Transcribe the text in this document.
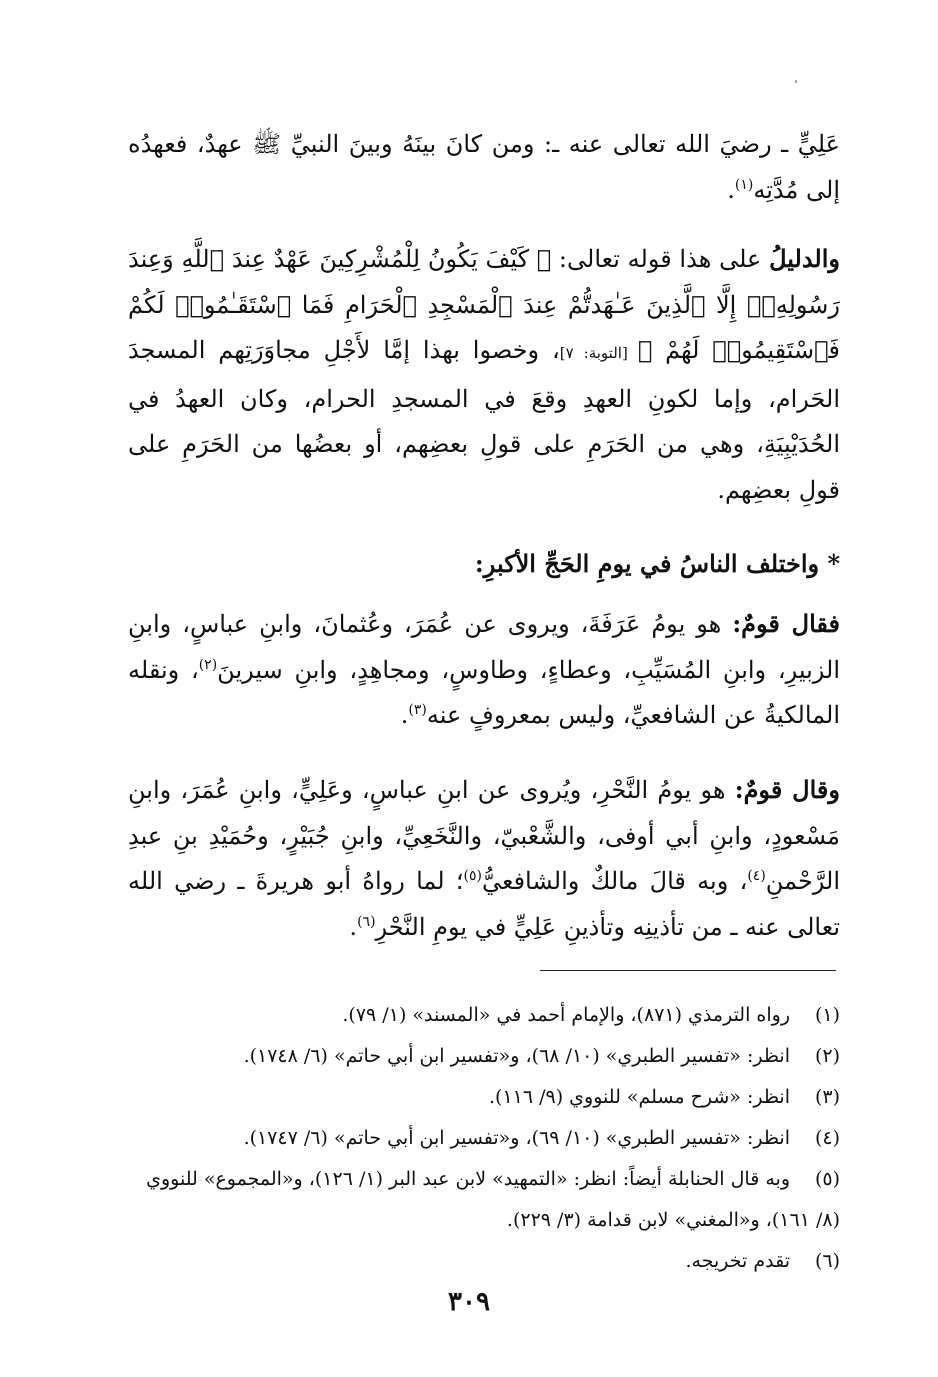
عَلِيٍّ ـ رضيَ الله تعالى عنه ـ: ومن كانَ بينَهُ وبينَ النبيِّ ﷺ عهدٌ، فعهدُه إلى مُدَّتِه$^{(١)}$.
والدليلُ على هذا قوله تعالى: ﴿ كَيْفَ يَكُونُ لِلْمُشْرِكِينَ عَهْدٌ عِندَ ٱللَّهِ وَعِندَ رَسُولِهِۦٓ إِلَّا ٱلَّذِينَ عَـٰهَدتُّمْ عِندَ ٱلْمَسْجِدِ ٱلْحَرَامِ فَمَا ٱسْتَقَـٰمُوا۟ لَكُمْ فَٱسْتَقِيمُوا۟ لَهُمْ ﴾ [التوبة: ٧]، وخصوا بهذا إمَّا لأَجْلِ مجاوَرَتِهم المسجدَ الحَرام، وإما لكونِ العهدِ وقعَ في المسجدِ الحرام، وكان العهدُ في الحُدَيْبِيَةِ، وهي من الحَرَمِ على قولِ بعضِهم، أو بعضُها من الحَرَمِ على قولِ بعضِهم.
* واختلف الناسُ في يومِ الحَجِّ الأكبرِ:
فقال قومٌ: هو يومُ عَرَفَةَ، ويروى عن عُمَرَ، وعُثمانَ، وابنِ عباسٍ، وابنِ الزبيرِ، وابنِ المُسَيِّبِ، وعطاءٍ، وطاوسٍ، ومجاهِدٍ، وابنِ سيرينَ$^{(٢)}$، ونقله المالكيةُ عن الشافعيِّ، وليس بمعروفٍ عنه$^{(٣)}$.
وقال قومٌ: هو يومُ النَّحْرِ، ويُروى عن ابنِ عباسٍ، وعَلِيٍّ، وابنِ عُمَرَ، وابنِ مَسْعودٍ، وابنِ أبي أوفى، والشَّعْبيّ، والنَّخَعِيِّ، وابنِ جُبَيْرٍ، وحُمَيْدِ بنِ عبدِ الرَّحْمنِ$^{(٤)}$، وبه قالَ مالكٌ والشافعيُّ$^{(٥)}$؛ لما رواهُ أبو هريرةَ ـ رضي الله تعالى عنه ـ من تأذينِه وتأذينِ عَلِيٍّ في يومِ النَّحْرِ$^{(٦)}$.
(١)رواه الترمذي (٨٧١)، والإمام أحمد في «المسند» (١/ ٧٩).
(٢)انظر: «تفسير الطبري» (١٠/ ٦٨)، و«تفسير ابن أبي حاتم» (٦/ ١٧٤٨).
(٣)انظر: «شرح مسلم» للنووي (٩/ ١١٦).
(٤)انظر: «تفسير الطبري» (١٠/ ٦٩)، و«تفسير ابن أبي حاتم» (٦/ ١٧٤٧).
(٥)وبه قال الحنابلة أيضاً: انظر: «التمهيد» لابن عبد البر (١/ ١٢٦)، و«المجموع» للنووي (٨/ ١٦١)، و«المغني» لابن قدامة (٣/ ٢٢٩).
(٦)تقدم تخريجه.
٣٠٩
